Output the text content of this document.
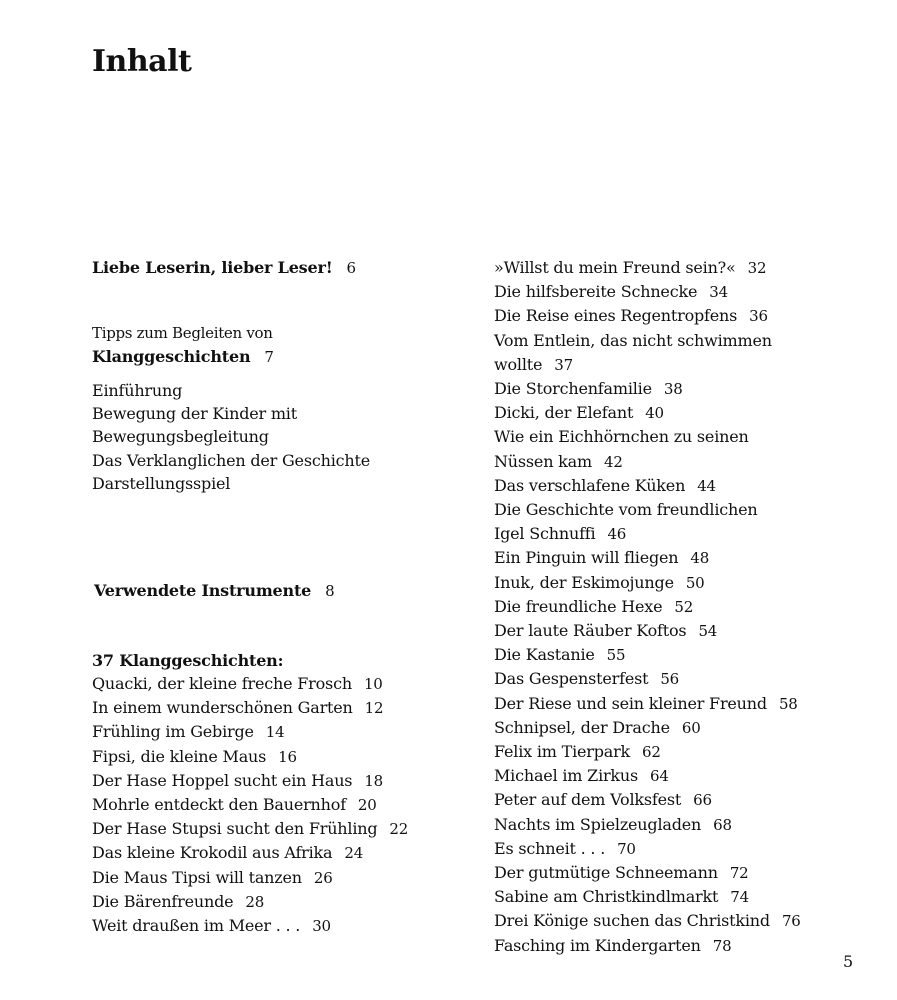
Inhalt
Liebe Leserin, lieber Leser! 6
Tipps zum Begleiten von
Klanggeschichten 7
Einführung
Bewegung der Kinder mit
Bewegungsbegleitung
Das Verklanglichen der Geschichte
Darstellungsspiel
Verwendete Instrumente 8
37 Klanggeschichten:
Quacki, der kleine freche Frosch 10
In einem wunderschönen Garten 12
Frühling im Gebirge 14
Fipsi, die kleine Maus 16
Der Hase Hoppel sucht ein Haus 18
Mohrle entdeckt den Bauernhof 20
Der Hase Stupsi sucht den Frühling 22
Das kleine Krokodil aus Afrika 24
Die Maus Tipsi will tanzen 26
Die Bärenfreunde 28
Weit draußen im Meer . . . 30
»Willst du mein Freund sein?« 32
Die hilfsbereite Schnecke 34
Die Reise eines Regentropfens 36
Vom Entlein, das nicht schwimmen
wollte 37
Die Storchenfamilie 38
Dicki, der Elefant 40
Wie ein Eichhörnchen zu seinen
Nüssen kam 42
Das verschlafene Küken 44
Die Geschichte vom freundlichen
Igel Schnuffi 46
Ein Pinguin will fliegen 48
Inuk, der Eskimojunge 50
Die freundliche Hexe 52
Der laute Räuber Koftos 54
Die Kastanie 55
Das Gespensterfest 56
Der Riese und sein kleiner Freund 58
Schnipsel, der Drache 60
Felix im Tierpark 62
Michael im Zirkus 64
Peter auf dem Volksfest 66
Nachts im Spielzeugladen 68
Es schneit . . . 70
Der gutmütige Schneemann 72
Sabine am Christkindlmarkt 74
Drei Könige suchen das Christkind 76
Fasching im Kindergarten 78
5
